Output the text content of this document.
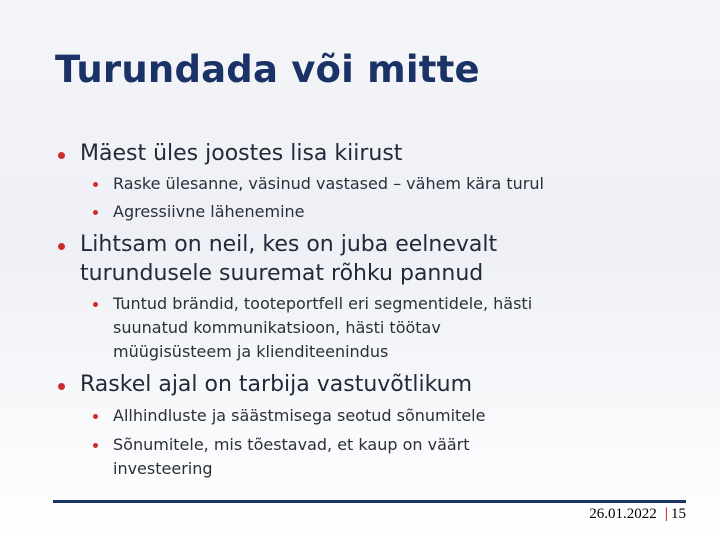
Turundada või mitte
Mäest üles joostes lisa kiirust
Raske ülesanne, väsinud vastased – vähem kära turul
Agressiivne lähenemine
Lihtsam on neil, kes on juba eelnevalt
turundusele suuremat rõhku pannud
Tuntud brändid, tooteportfell eri segmentidele, hästi
suunatud kommunikatsioon, hästi töötav
müügisüsteem ja klienditeenindus
Raskel ajal on tarbija vastuvõtlikum
Allhindluste ja säästmisega seotud sõnumitele
Sõnumitele, mis tõestavad, et kaup on väärt
investeering
26.01.2022 | 15
